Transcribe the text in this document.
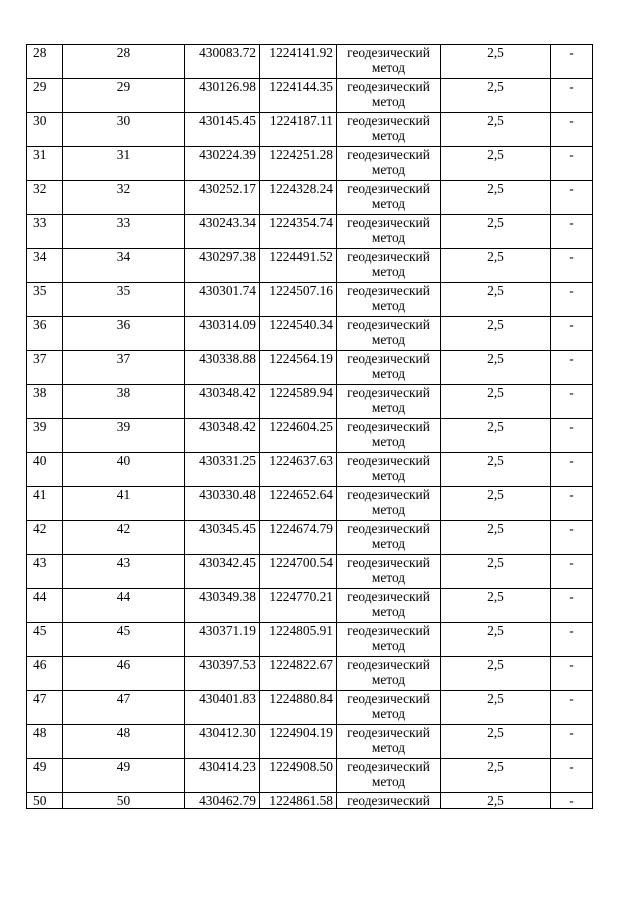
28	28	430083.72	1224141.92	геодезический метод	2,5	-
29	29	430126.98	1224144.35	геодезический метод	2,5	-
30	30	430145.45	1224187.11	геодезический метод	2,5	-
31	31	430224.39	1224251.28	геодезический метод	2,5	-
32	32	430252.17	1224328.24	геодезический метод	2,5	-
33	33	430243.34	1224354.74	геодезический метод	2,5	-
34	34	430297.38	1224491.52	геодезический метод	2,5	-
35	35	430301.74	1224507.16	геодезический метод	2,5	-
36	36	430314.09	1224540.34	геодезический метод	2,5	-
37	37	430338.88	1224564.19	геодезический метод	2,5	-
38	38	430348.42	1224589.94	геодезический метод	2,5	-
39	39	430348.42	1224604.25	геодезический метод	2,5	-
40	40	430331.25	1224637.63	геодезический метод	2,5	-
41	41	430330.48	1224652.64	геодезический метод	2,5	-
42	42	430345.45	1224674.79	геодезический метод	2,5	-
43	43	430342.45	1224700.54	геодезический метод	2,5	-
44	44	430349.38	1224770.21	геодезический метод	2,5	-
45	45	430371.19	1224805.91	геодезический метод	2,5	-
46	46	430397.53	1224822.67	геодезический метод	2,5	-
47	47	430401.83	1224880.84	геодезический метод	2,5	-
48	48	430412.30	1224904.19	геодезический метод	2,5	-
49	49	430414.23	1224908.50	геодезический метод	2,5	-
50	50	430462.79	1224861.58	геодезический	2,5	-
